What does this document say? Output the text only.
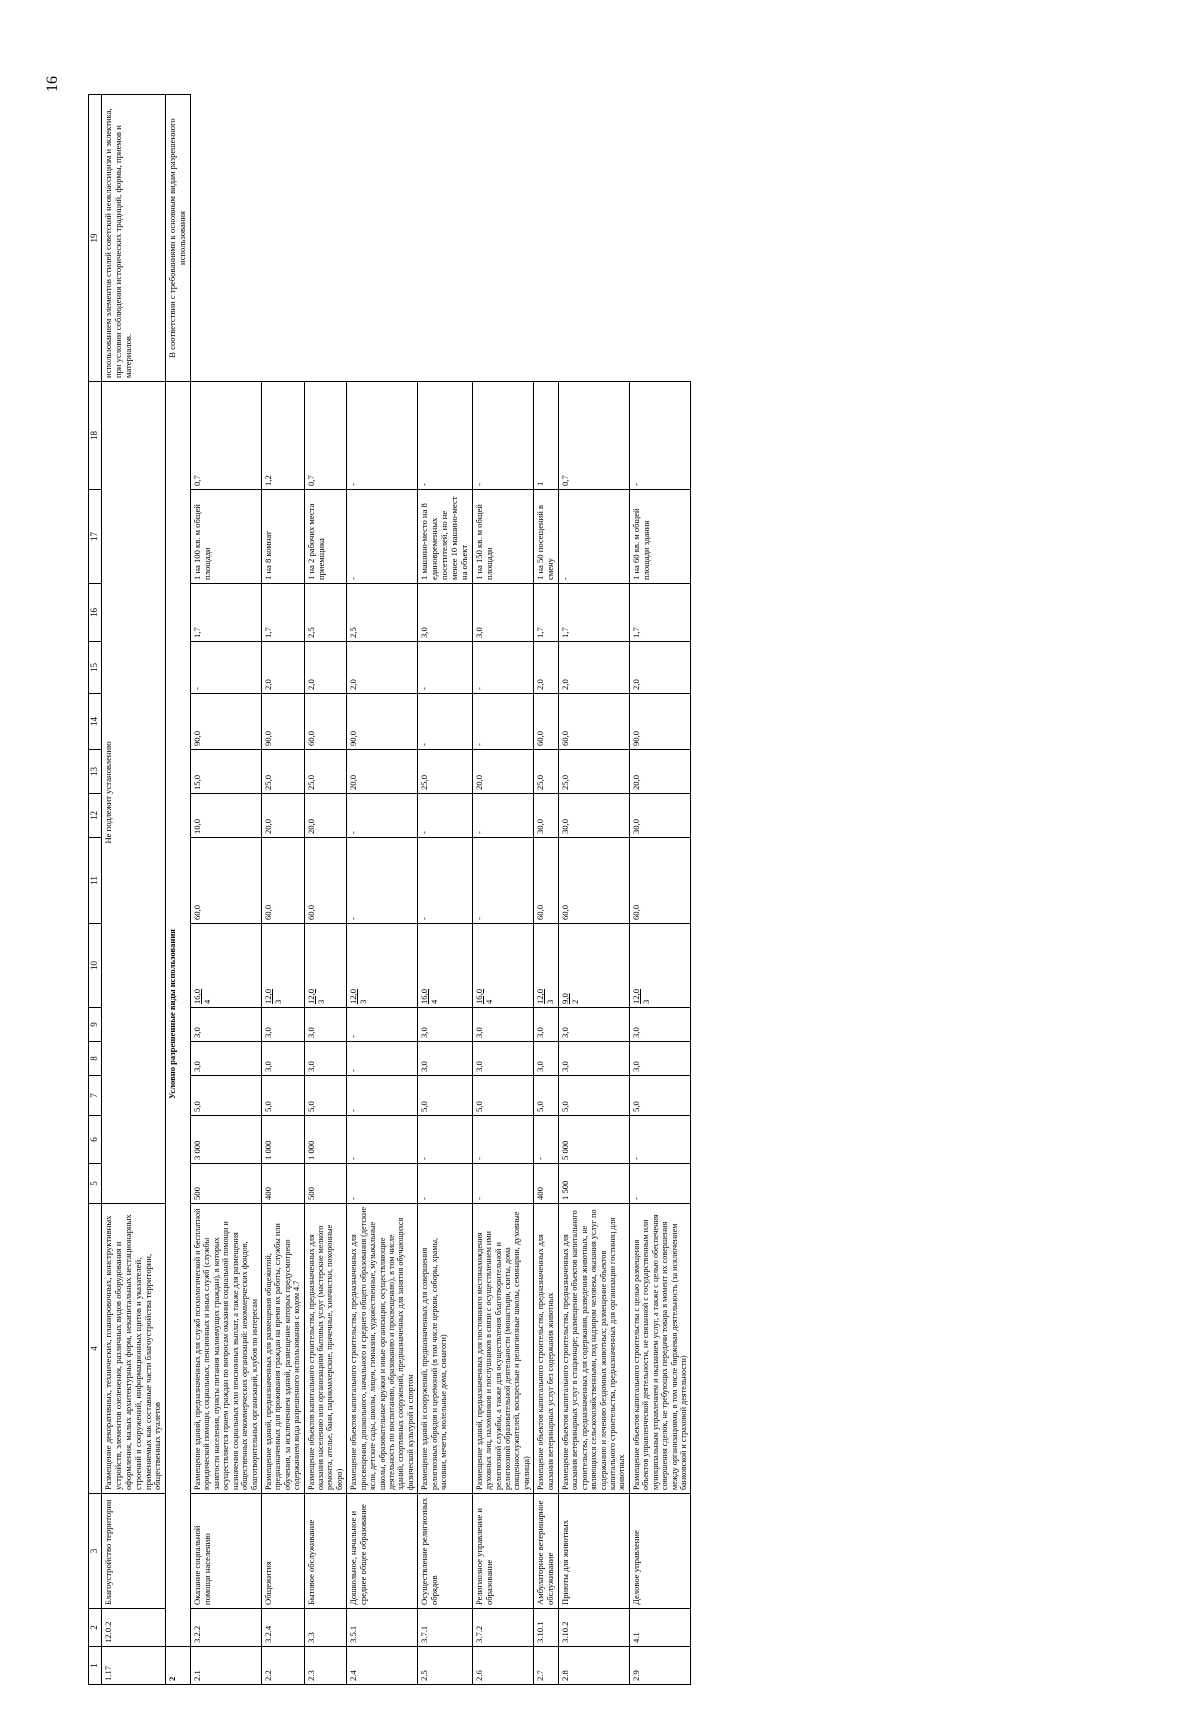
16
1	2	3	4	5	6	7	8	9	10	11	12	13	14	15	16	17	18	19
1.17	12.0.2	Благоустройство территории	Размещение декоративных, технических, планировочных, конструктивных устройств, элементов озеленения, различных видов оборудования и оформления, малых архитектурных форм, некапитальных нестационарных строений и сооружений, информационных щитов и указателей, применяемых как составные части благоустройства территории, общественных туалетов	Не подлежит установлению														использованием элементов стилей советский неоклассицизм и эклектика, при условии соблюдения исторических традиций, формы, приемов и материалов.
2	Условно разрешенные виды использования																	В соответствии с требованиями к основным видам разрешенного использования
2.1	3.2.2	Оказание социальной помощи населению	Размещение зданий, предназначенных для служб психологической и бесплатной юридической помощи, социальных, пенсионных и иных служб (службы занятости населения, пункты питания малоимущих граждан), в которых осуществляется прием граждан по вопросам оказания социальной помощи и назначения социальных или пенсионных выплат, а также для размещения общественных некоммерческих организаций: некоммерческих фондов, благотворительных организаций, клубов по интересам	500	3 000	5,0	3,0	3,0	16,0 4	60,0	10,0	15,0	90,0	-	1,7	1 на 100 кв. м общей площади	0,7	
2.2	3.2.4	Общежития	Размещение зданий, предназначенных для размещения общежитий, предназначенных для проживания граждан на время их работы, службы или обучения, за исключением зданий, размещение которых предусмотрено содержанием вида разрешенного использования с кодом 4.7	400	1 000	5,0	3,0	3,0	12,0 3	60,0	20,0	25,0	90,0	2,0	1,7	1 на 8 комнат	1,2	
2.3	3.3	Бытовое обслуживание	Размещение объектов капитального строительства, предназначенных для оказания населению или организациям бытовых услуг (мастерские мелкого ремонта, ателье, бани, парикмахерские, прачечные, химчистки, похоронные бюро)	500	1 000	5,0	3,0	3,0	12,0 3	60,0	20,0	25,0	60,0	2,0	2,5	1 на 2 рабочих места приемщика	0,7	
2.4	3.5.1	Дошкольное, начальное и среднее общее образование	Размещение объектов капитального строительства, предназначенных для просвещения, дошкольного, начального и среднего общего образования (детские ясли, детские сады, школы, лицеи, гимназии, художественные, музыкальные школы, образовательные кружки и иные организации, осуществляющие деятельность по воспитанию, образованию и просвещению), в том числе зданий, спортивных сооружений, предназначенных для занятия обучающихся физической культурой и спортом	-	-	-	-	-	12,0 3	-	-	20,0	90,0	2,0	2,5	-	-	
2.5	3.7.1	Осуществление религиозных обрядов	Размещение зданий и сооружений, предназначенных для совершения религиозных обрядов и церемоний (в том числе церкви, соборы, храмы, часовни, мечети, молельные дома, синагоги)	-	-	5,0	3,0	3,0	16,0 4	-	-	25,0	-	-	3,0	1 машино-место на 8 единовременных посетителей, но не менее 10 машино-мест на объект	-	
2.6	3.7.2	Религиозное управление и образование	Размещение зданий, предназначенных для постоянного местонахождения духовных лиц, паломников и послушников в связи с осуществлением ими религиозной службы, а также для осуществления благотворительной и религиозной образовательной деятельности (монастыри, скиты, дома священнослужителей, воскресные и религиозные школы, семинарии, духовные училища)	-	-	5,0	3,0	3,0	16,0 4	-	-	20,0	-	-	3,0	1 на 150 кв. м общей площади	-	
2.7	3.10.1	Амбулаторное ветеринарное обслуживание	Размещение объектов капитального строительства, предназначенных для оказания ветеринарных услуг без содержания животных	400	-	5,0	3,0	3,0	12,0 3	60,0	30,0	25,0	60,0	2,0	1,7	1 на 50 посещений в смену	1	
2.8	3.10.2	Приюты для животных	Размещение объектов капитального строительства, предназначенных для оказания ветеринарных услуг в стационаре; размещение объектов капитального строительства, предназначенных для содержания, разведения животных, не являющихся сельскохозяйственными, под надзором человека, оказания услуг по содержанию и лечению бездомных животных; размещение объектов капитального строительства, предназначенных для организации гостиниц для животных	1 500	5 000	5,0	3,0	3,0	9,0 2	60,0	30,0	25,0	60,0	2,0	1,7	-	0,7	
2.9	4.1	Деловое управление	Размещение объектов капитального строительства с целью размещения объектов управленческой деятельности, не связанной с государственным или муниципальным управлением и оказанием услуг, а также с целью обеспечения совершения сделок, не требующих передачи товара в момент их совершения между организациями, в том числе биржевая деятельность (за исключением банковской и страховой деятельности)	-	-	5,0	3,0	3,0	12,0 3	60,0	30,0	20,0	90,0	2,0	1,7	1 на 60 кв. м общей площади здания	-	
